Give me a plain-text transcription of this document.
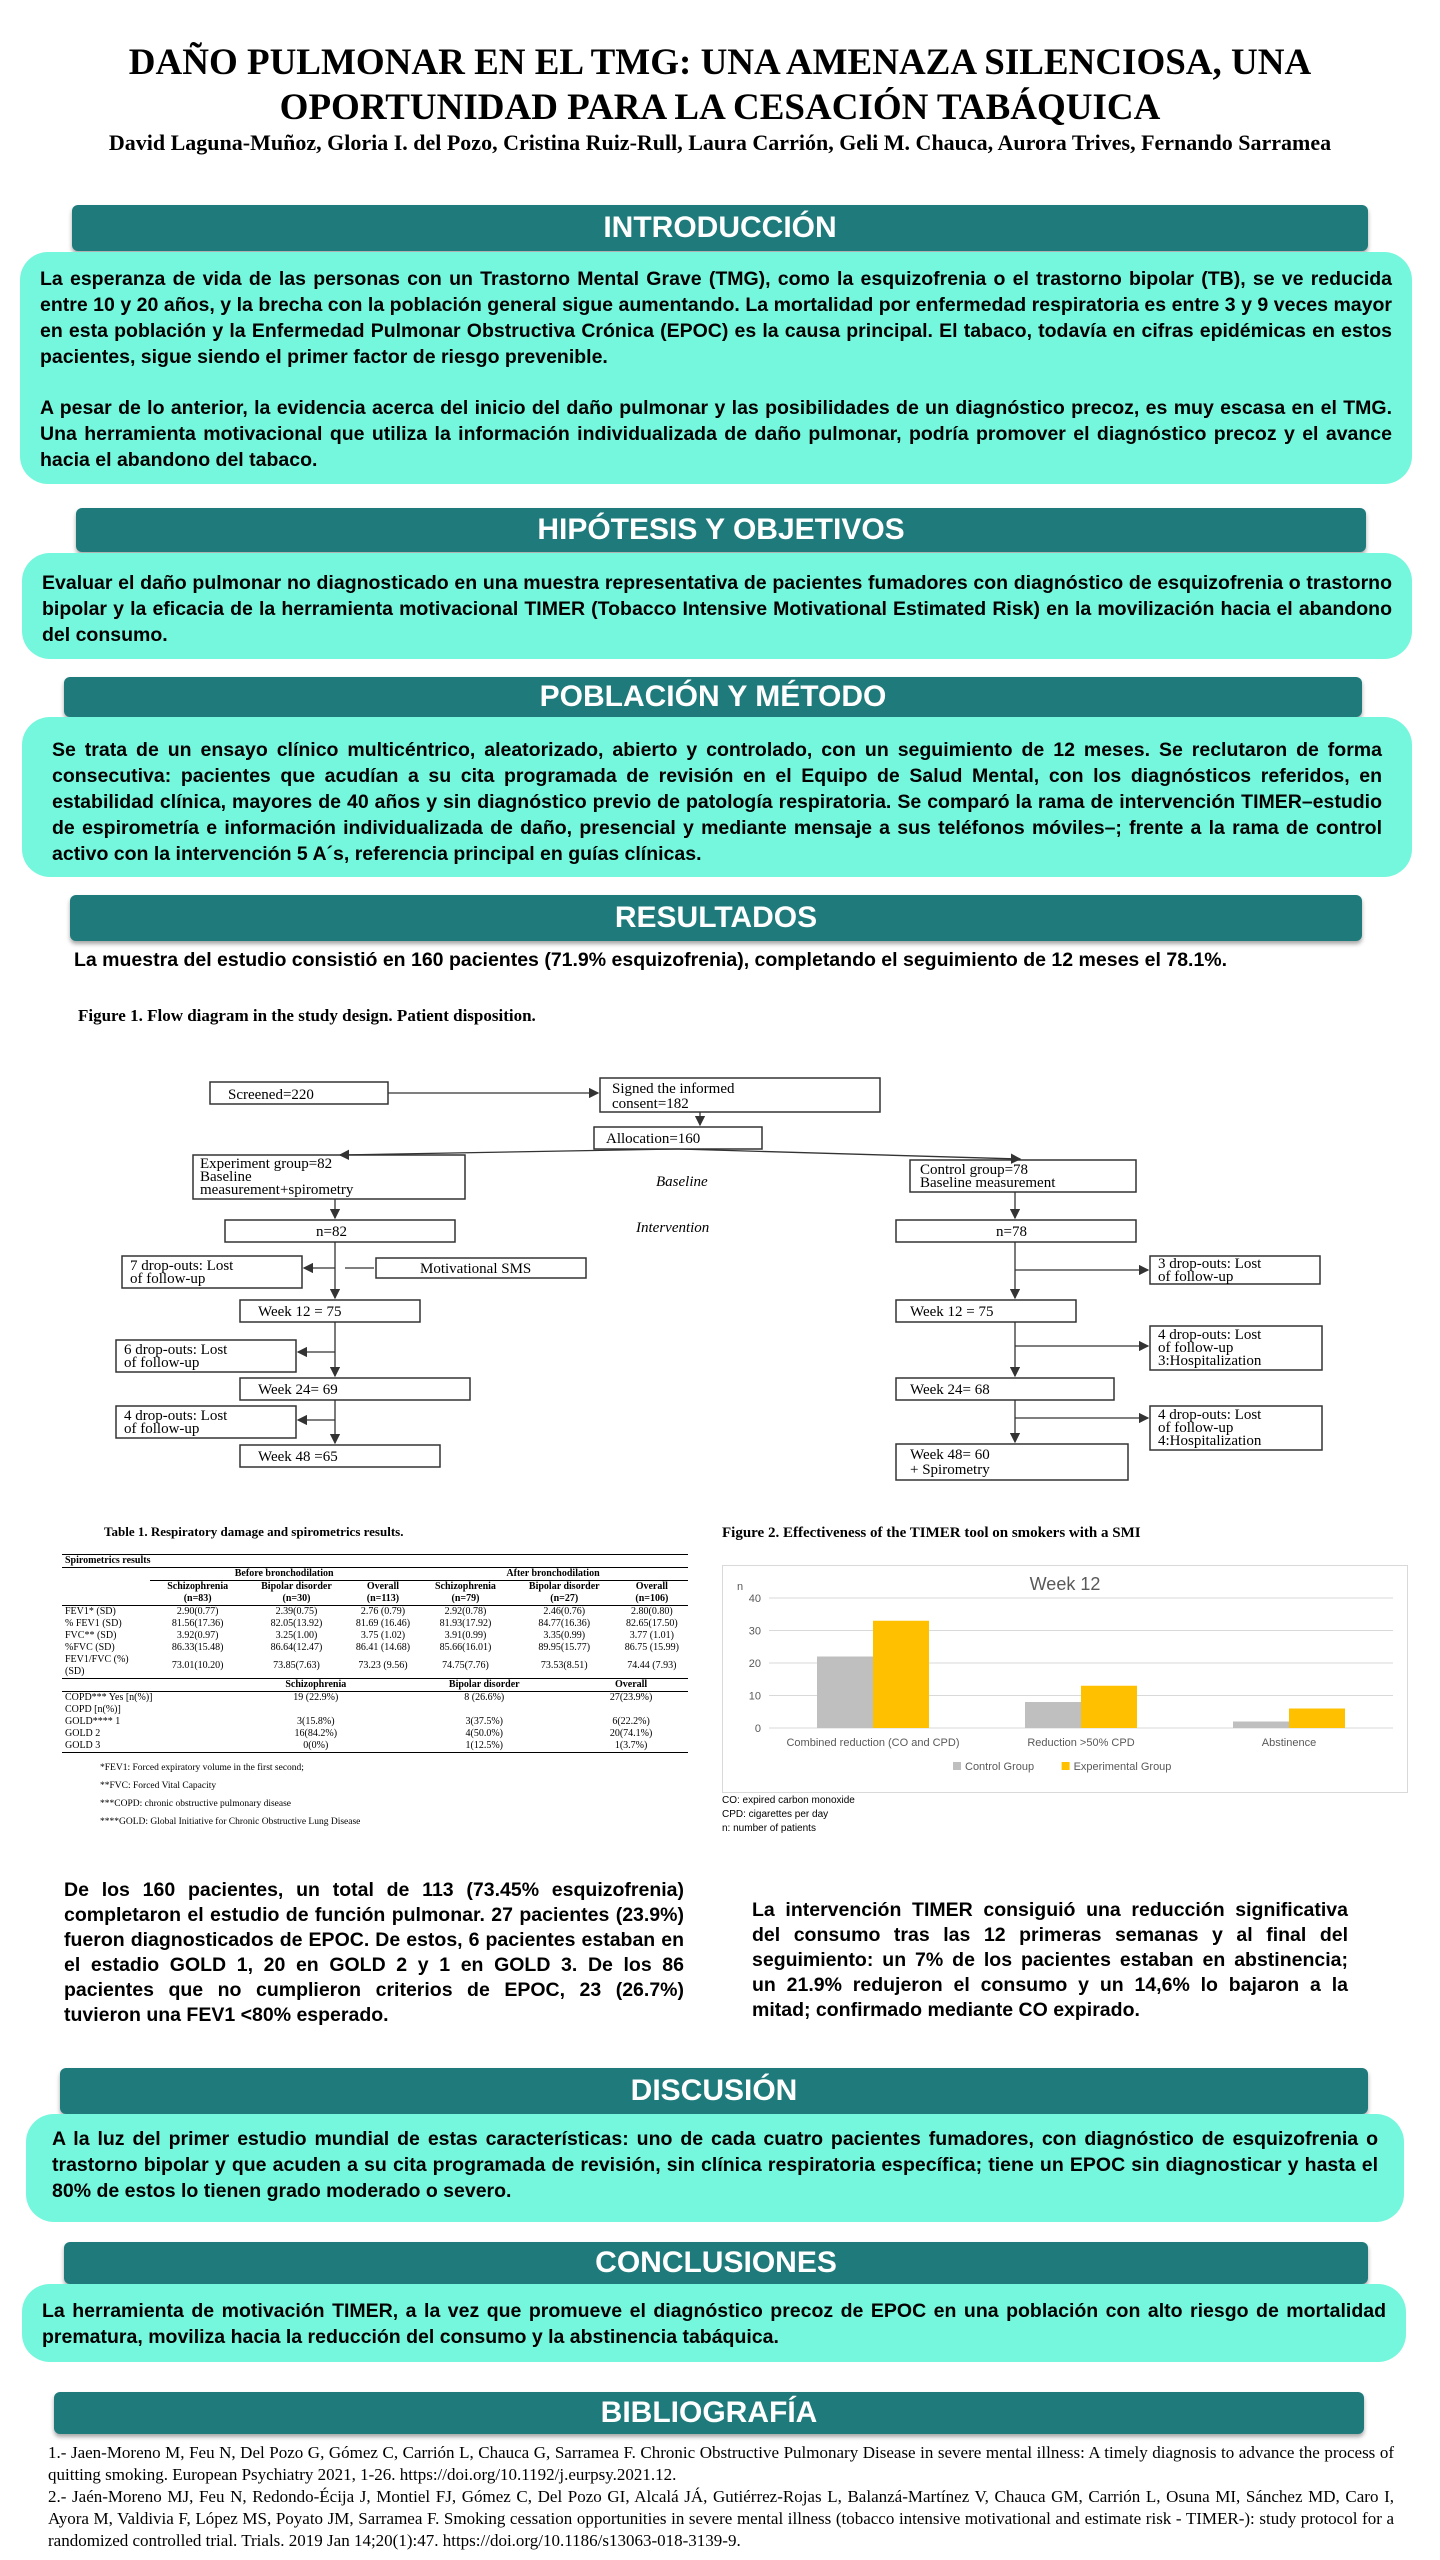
DAÑO PULMONAR EN EL TMG: UNA AMENAZA SILENCIOSA, UNA OPORTUNIDAD PARA LA CESACIÓN TABÁQUICA
David Laguna-Muñoz, Gloria I. del Pozo, Cristina Ruiz-Rull, Laura Carrión, Geli M. Chauca, Aurora Trives, Fernando Sarramea
INTRODUCCIÓN

La esperanza de vida de las personas con un Trastorno Mental Grave (TMG), como la esquizofrenia o el trastorno bipolar (TB), se ve reducida entre 10 y 20 años, y la brecha con la población general sigue aumentando. La mortalidad por enfermedad respiratoria es entre 3 y 9 veces mayor en esta población y la Enfermedad Pulmonar Obstructiva Crónica (EPOC) es la causa principal. El tabaco, todavía en cifras epidémicas en estos pacientes, sigue siendo el primer factor de riesgo prevenible.

A pesar de lo anterior, la evidencia acerca del inicio del daño pulmonar y las posibilidades de un diagnóstico precoz, es muy escasa en el TMG. Una herramienta motivacional que utiliza la información individualizada de daño pulmonar, podría promover el diagnóstico precoz y el avance hacia el abandono del tabaco.

HIPÓTESIS Y OBJETIVOS

Evaluar el daño pulmonar no diagnosticado en una muestra representativa de pacientes fumadores con diagnóstico de esquizofrenia o trastorno bipolar y la eficacia de la herramienta motivacional TIMER (Tobacco Intensive Motivational Estimated Risk) en la movilización hacia el abandono del consumo.

POBLACIÓN Y MÉTODO

Se trata de un ensayo clínico multicéntrico, aleatorizado, abierto y controlado, con un seguimiento de 12 meses. Se reclutaron de forma consecutiva: pacientes que acudían a su cita programada de revisión en el Equipo de Salud Mental, con los diagnósticos referidos, en estabilidad clínica, mayores de 40 años y sin diagnóstico previo de patología respiratoria. Se comparó la rama de intervención TIMER–estudio de espirometría e información individualizada de daño, presencial y mediante mensaje a sus teléfonos móviles–; frente a la rama de control activo con la intervención 5 A´s, referencia principal en guías clínicas.

RESULTADOS
La muestra del estudio consistió en 160 pacientes (71.9% esquizofrenia), completando el seguimiento de 12 meses el 78.1%.
Figure 1. Flow diagram in the study design. Patient disposition.
Screened=220	Signed the informed
consent=182
Allocation=160
Baseline
Intervention
Experiment group=82
Baseline
measurement+spirometry
Control group=78
Baseline measurement
n=82	n=78
Motivational SMS
7 drop-outs: Lost
of follow-up
Week 12 = 75
6 drop-outs: Lost
of follow-up
Week 24= 69
4 drop-outs: Lost
of follow-up
Week 48 =65
3 drop-outs: Lost
of follow-up
Week 12 = 75
4 drop-outs: Lost
of follow-up
3:Hospitalization
Week 24= 68
4 drop-outs: Lost
of follow-up
4:Hospitalization
Week 48= 60
+ Spirometry
Table 1. Respiratory damage and spirometrics results.
Spirometrics results						
	Before bronchodilation			After bronchodilation		
	Schizophrenia (n=83)	Bipolar disorder (n=30)	Overall (n=113)	Schizophrenia (n=79)	Bipolar disorder (n=27)	Overall (n=106)
FEV1* (SD)	2.90(0.77)	2.39(0.75)	2.76 (0.79)	2.92(0.78)	2.46(0.76)	2.80(0.80)
% FEV1 (SD)	81.56(17.36)	82.05(13.92)	81.69 (16.46)	81.93(17.92)	84.77(16.36)	82.65(17.50)
FVC** (SD)	3.92(0.97)	3.25(1.00)	3.75 (1.02)	3.91(0.99)	3.35(0.99)	3.77 (1.01)
%FVC (SD)	86.33(15.48)	86.64(12.47)	86.41 (14.68)	85.66(16.01)	89.95(15.77)	86.75 (15.99)
FEV1/FVC (%) (SD)	73.01(10.20)	73.85(7.63)	73.23 (9.56)	74.75(7.76)	73.53(8.51)	74.44 (7.93)
	Schizophrenia	Bipolar disorder	Overall
COPD*** Yes [n(%)]	19 (22.9%)	8 (26.6%)	27(23.9%)
COPD [n(%)]			
GOLD**** 1	3(15.8%)	3(37.5%)	6(22.2%)
GOLD 2	16(84.2%)	4(50.0%)	20(74.1%)
GOLD 3	0(0%)	1(12.5%)	1(3.7%)
*FEV1: Forced expiratory volume in the first second;
**FVC: Forced Vital Capacity
***COPD: chronic obstructive pulmonary disease
****GOLD: Global Initiative for Chronic Obstructive Lung Disease
Figure 2. Effectiveness of the TIMER tool on smokers with a SMI
Week 12
n
0
10
20
30
40
Combined reduction (CO and CPD)	Reduction >50% CPD	Abstinence
Control Group	Experimental Group
CO: expired carbon monoxide
CPD: cigarettes per day
n: number of patients
De los 160 pacientes, un total de 113 (73.45% esquizofrenia) completaron el estudio de función pulmonar. 27 pacientes (23.9%) fueron diagnosticados de EPOC. De estos, 6 pacientes estaban en el estadio GOLD 1, 20 en GOLD 2 y 1 en GOLD 3. De los 86 pacientes que no cumplieron criterios de EPOC, 23 (26.7%) tuvieron una FEV1 <80% esperado.
La intervención TIMER consiguió una reducción significativa del consumo tras las 12 primeras semanas y al final del seguimiento: un 7% de los pacientes estaban en abstinencia; un 21.9% redujeron el consumo y un 14,6% lo bajaron a la mitad; confirmado mediante CO expirado.
DISCUSIÓN

A la luz del primer estudio mundial de estas características: uno de cada cuatro pacientes fumadores, con diagnóstico de esquizofrenia o trastorno bipolar y que acuden a su cita programada de revisión, sin clínica respiratoria específica; tiene un EPOC sin diagnosticar y hasta el 80% de estos lo tienen grado moderado o severo.

CONCLUSIONES

La herramienta de motivación TIMER, a la vez que promueve el diagnóstico precoz de EPOC en una población con alto riesgo de mortalidad prematura, moviliza hacia la reducción del consumo y la abstinencia tabáquica.

BIBLIOGRAFÍA
1.- Jaen-Moreno M, Feu N, Del Pozo G, Gómez C, Carrión L, Chauca G, Sarramea F. Chronic Obstructive Pulmonary Disease in severe mental illness: A timely diagnosis to advance the process of quitting smoking. European Psychiatry 2021, 1-26. https://doi.org/10.1192/j.eurpsy.2021.12.
2.- Jaén-Moreno MJ, Feu N, Redondo-Écija J, Montiel FJ, Gómez C, Del Pozo GI, Alcalá JÁ, Gutiérrez-Rojas L, Balanzá-Martínez V, Chauca GM, Carrión L, Osuna MI, Sánchez MD, Caro I, Ayora M, Valdivia F, López MS, Poyato JM, Sarramea F. Smoking cessation opportunities in severe mental illness (tobacco intensive motivational and estimate risk - TIMER-): study protocol for a randomized controlled trial. Trials. 2019 Jan 14;20(1):47. https://doi.org/10.1186/s13063-018-3139-9.
